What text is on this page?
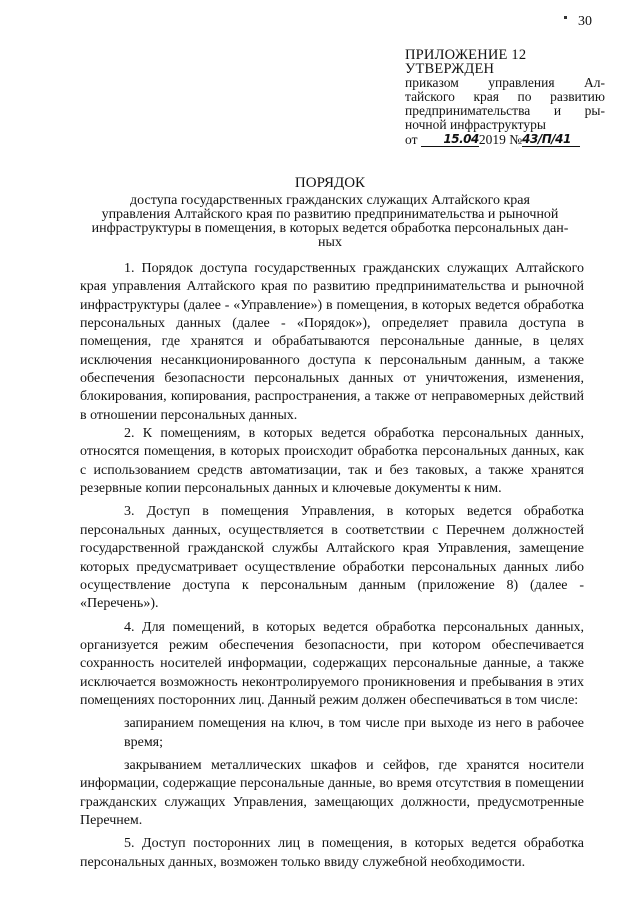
30
ПРИЛОЖЕНИЕ 12
УТВЕРЖДЕН
приказом управления Ал-
тайского края по развитию
предпринимательства и ры-
ночной инфраструктуры
от 15.042019 №43/П/41
ПОРЯДОК
доступа государственных гражданских служащих Алтайского края
управления Алтайского края по развитию предпринимательства и рыночной
инфраструктуры в помещения, в которых ведется обработка персональных дан-
ных

1. Порядок доступа государственных гражданских служащих Алтайского края управления Алтайского края по развитию предпринимательства и рыночной инфраструктуры (далее - «Управление») в помещения, в которых ведется обработка персональных данных (далее - «Порядок»), определяет правила доступа в помещения, где хранятся и обрабатываются персональные данные, в целях исключения несанкционированного доступа к персональным данным, а также обеспечения безопасности персональных данных от уничтожения, изменения, блокирования, копирования, распространения, а также от неправомерных действий в отношении персональных данных.

2. К помещениям, в которых ведется обработка персональных данных, относятся помещения, в которых происходит обработка персональных данных, как с использованием средств автоматизации, так и без таковых, а также хранятся резервные копии персональных данных и ключевые документы к ним.

3. Доступ в помещения Управления, в которых ведется обработка персональных данных, осуществляется в соответствии с Перечнем должностей государственной гражданской службы Алтайского края Управления, замещение которых предусматривает осуществление обработки персональных данных либо осуществление доступа к персональным данным (приложение 8) (далее - «Перечень»).

4. Для помещений, в которых ведется обработка персональных данных, организуется режим обеспечения безопасности, при котором обеспечивается сохранность носителей информации, содержащих персональные данные, а также исключается возможность неконтролируемого проникновения и пребывания в этих помещениях посторонних лиц. Данный режим должен обеспечиваться в том числе:

запиранием помещения на ключ, в том числе при выходе из него в рабочее время;

закрыванием металлических шкафов и сейфов, где хранятся носители информации, содержащие персональные данные, во время отсутствия в помещении гражданских служащих Управления, замещающих должности, предусмотренные Перечнем.

5. Доступ посторонних лиц в помещения, в которых ведется обработка персональных данных, возможен только ввиду служебной необходимости.
